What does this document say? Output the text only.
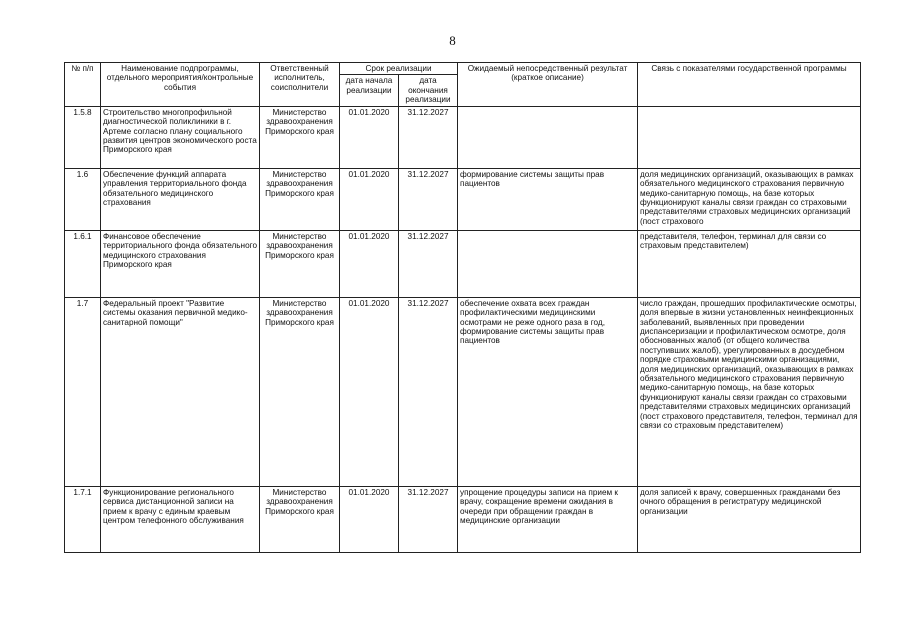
8
№ п/п	Наименование подпрограммы, отдельного мероприятия/контрольные события	Ответственный исполнитель, соисполнители	Срок реализации		Ожидаемый непосредственный результат (краткое описание)	Связь с показателями государственной программы
			дата начала реализации	дата окончания реализации		
1.5.8	Строительство многопрофильной диагностической поликлиники в г. Артеме согласно плану социального развития центров экономического роста Приморского края	Министерство здравоохранения Приморского края	01.01.2020	31.12.2027		
1.6	Обеспечение функций аппарата управления территориального фонда обязательного медицинского страхования	Министерство здравоохранения Приморского края	01.01.2020	31.12.2027	формирование системы защиты прав пациентов	доля медицинских организаций, оказывающих в рамках обязательного медицинского страхования первичную медико-санитарную помощь, на базе которых функционируют каналы связи граждан со страховыми представителями страховых медицинских организаций (пост страхового
1.6.1	Финансовое обеспечение территориального фонда обязательного медицинского страхования Приморского края	Министерство здравоохранения Приморского края	01.01.2020	31.12.2027		представителя, телефон, терминал для связи со страховым представителем)
1.7	Федеральный проект "Развитие системы оказания первичной медико-санитарной помощи"	Министерство здравоохранения Приморского края	01.01.2020	31.12.2027	обеспечение охвата всех граждан профилактическими медицинскими осмотрами не реже одного раза в год, формирование системы защиты прав пациентов	число граждан, прошедших профилактические осмотры, доля впервые в жизни установленных неинфекционных заболеваний, выявленных при проведении диспансеризации и профилактическом осмотре, доля обоснованных жалоб (от общего количества поступивших жалоб), урегулированных в досудебном порядке страховыми медицинскими организациями, доля медицинских организаций, оказывающих в рамках обязательного медицинского страхования первичную медико-санитарную помощь, на базе которых функционируют каналы связи граждан со страховыми представителями страховых медицинских организаций (пост страхового представителя, телефон, терминал для связи со страховым представителем)
1.7.1	Функционирование регионального сервиса дистанционной записи на прием к врачу с единым краевым центром телефонного обслуживания	Министерство здравоохранения Приморского края	01.01.2020	31.12.2027	упрощение процедуры записи на прием к врачу, сокращение времени ожидания в очереди при обращении граждан в медицинские организации	доля записей к врачу, совершенных гражданами без очного обращения в регистратуру медицинской организации
